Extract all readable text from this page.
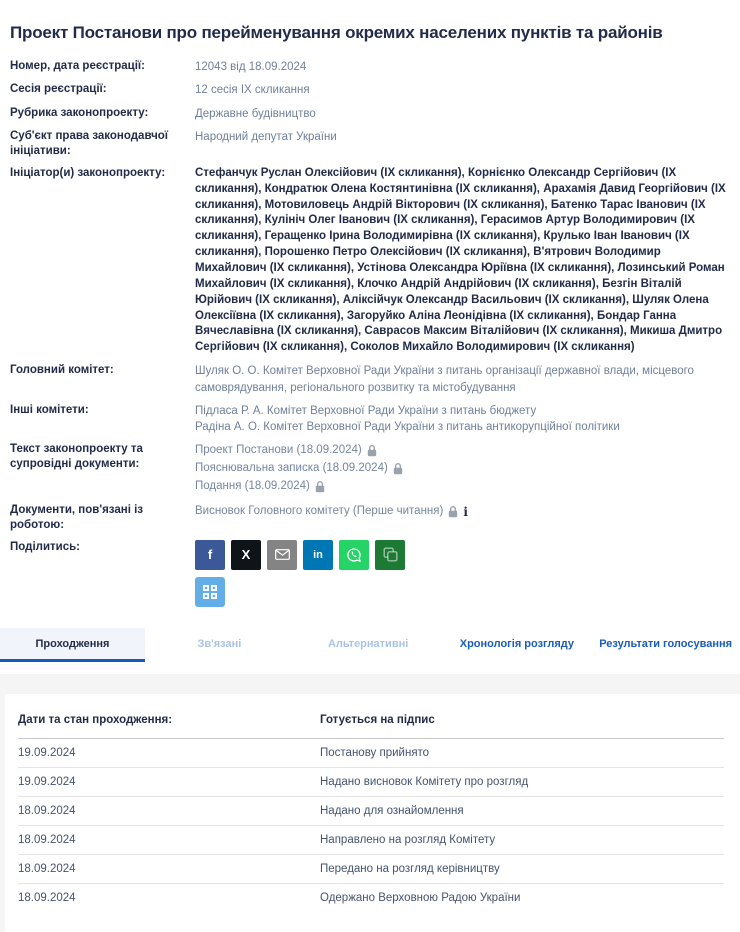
Проект Постанови про перейменування окремих населених пунктів та районів
Номер, дата реєстрації:	12043 від 18.09.2024
Сесія реєстрації:	12 сесія ІХ скликання
Рубрика законопроекту:	Державне будівництво
Суб'єкт права законодавчої ініціативи:
Народний депутат України
Ініціатор(и) законопроекту:	Стефанчук Руслан Олексійович (ІХ скликання), Корнієнко Олександр Сергійович (ІХ скликання), Кондратюк Олена Костянтинівна (ІХ скликання), Арахамія Давид Георгійович (ІХ скликання), Мотовиловець Андрій Вікторович (ІХ скликання), Батенко Тарас Іванович (ІХ скликання), Кулініч Олег Іванович (ІХ скликання), Герасимов Артур Володимирович (ІХ скликання), Геращенко Ірина Володимирівна (ІХ скликання), Крулько Іван Іванович (ІХ скликання), Порошенко Петро Олексійович (ІХ скликання), В'ятрович Володимир Михайлович (ІХ скликання), Устінова Олександра Юріївна (ІХ скликання), Лозинський Роман Михайлович (ІХ скликання), Клочко Андрій Андрійович (ІХ скликання), Безгін Віталій Юрійович (ІХ скликання), Аліксійчук Олександр Васильович (ІХ скликання), Шуляк Олена Олексіївна (ІХ скликання), Загоруйко Аліна Леонідівна (ІХ скликання), Бондар Ганна Вячеславівна (ІХ скликання), Саврасов Максим Віталійович (ІХ скликання), Микиша Дмитро Сергійович (ІХ скликання), Соколов Михайло Володимирович (ІХ скликання)
Головний комітет:	Шуляк О. О. Комітет Верховної Ради України з питань організації державної влади, місцевого самоврядування, регіонального розвитку та містобудування
Інші комітети:	Підласа Р. А. Комітет Верховної Ради України з питань бюджету
Радіна А. О. Комітет Верховної Ради України з питань антикорупційної політики
Текст законопроекту та супровідні документи:
Проект Постанови (18.09.2024)
Пояснювальна записка (18.09.2024)
Подання (18.09.2024)
Документи, пов'язані із роботою:
Висновок Головного комітету (Перше читання) i
Поділитись:
f X	in
Проходження	Зв'язані	Альтернативні	Хронологія розгляду	Результати голосування
Дати та стан проходження:	Готується на підпис
19.09.2024	Постанову прийнято
19.09.2024	Надано висновок Комітету про розгляд
18.09.2024	Надано для ознайомлення
18.09.2024	Направлено на розгляд Комітету
18.09.2024	Передано на розгляд керівництву
18.09.2024	Одержано Верховною Радою України
